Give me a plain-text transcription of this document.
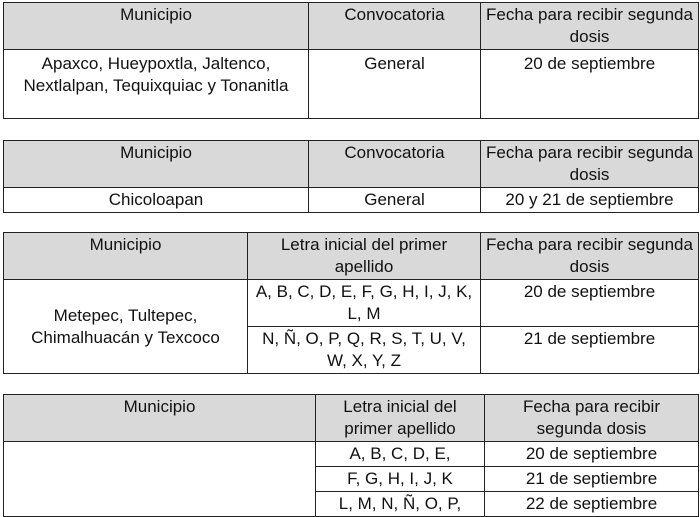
Municipio	Convocatoria	Fecha para recibir segunda dosis
Apaxco, Hueypoxtla, Jaltenco, Nextlalpan, Tequixquiac y Tonanitla	General	20 de septiembre
Municipio	Convocatoria	Fecha para recibir segunda dosis
Chicoloapan	General	20 y 21 de septiembre
Municipio	Letra inicial del primer apellido	Fecha para recibir segunda dosis
Metepec, Tultepec, Chimalhuacán y Texcoco	A, B, C, D, E, F, G, H, I, J, K, L, M	20 de septiembre
	N, Ñ, O, P, Q, R, S, T, U, V, W, X, Y, Z	21 de septiembre
Municipio	Letra inicial del primer apellido	Fecha para recibir segunda dosis
	A, B, C, D, E,	20 de septiembre
	F, G, H, I, J, K	21 de septiembre
	L, M, N, Ñ, O, P,	22 de septiembre
